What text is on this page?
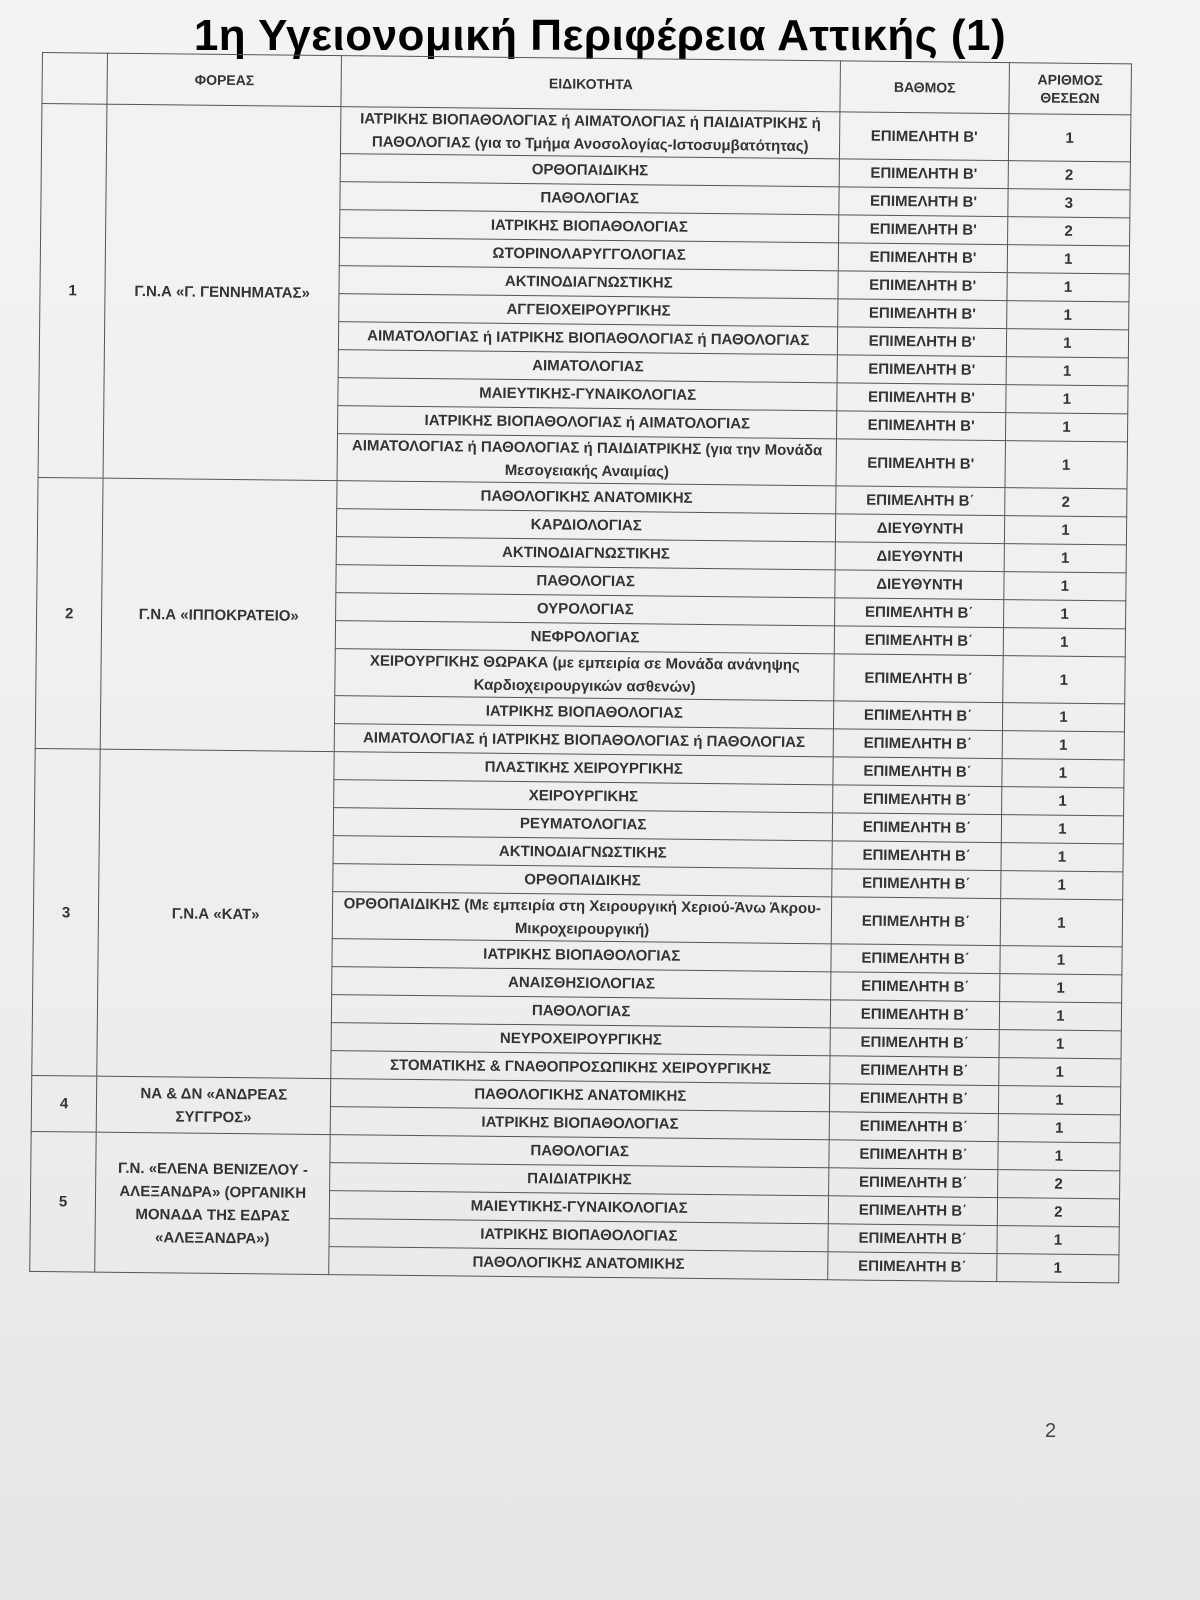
1η Υγειονομική Περιφέρεια Αττικής (1)
	ΦΟΡΕΑΣ	ΕΙΔΙΚΟΤΗΤΑ	ΒΑΘΜΟΣ	ΑΡΙΘΜΟΣ ΘΕΣΕΩΝ
1	Γ.Ν.Α «Γ. ΓΕΝΝΗΜΑΤΑΣ»	ΙΑΤΡΙΚΗΣ ΒΙΟΠΑΘΟΛΟΓΙΑΣ ή ΑΙΜΑΤΟΛΟΓΙΑΣ ή ΠΑΙΔΙΑΤΡΙΚΗΣ ή ΠΑΘΟΛΟΓΙΑΣ (για το Τμήμα Ανοσολογίας-Ιστοσυμβατότητας)	ΕΠΙΜΕΛΗΤΗ Β'	1
		ΟΡΘΟΠΑΙΔΙΚΗΣ	ΕΠΙΜΕΛΗΤΗ Β'	2
		ΠΑΘΟΛΟΓΙΑΣ	ΕΠΙΜΕΛΗΤΗ Β'	3
		ΙΑΤΡΙΚΗΣ ΒΙΟΠΑΘΟΛΟΓΙΑΣ	ΕΠΙΜΕΛΗΤΗ Β'	2
		ΩΤΟΡΙΝΟΛΑΡΥΓΓΟΛΟΓΙΑΣ	ΕΠΙΜΕΛΗΤΗ Β'	1
		ΑΚΤΙΝΟΔΙΑΓΝΩΣΤΙΚΗΣ	ΕΠΙΜΕΛΗΤΗ Β'	1
		ΑΓΓΕΙΟΧΕΙΡΟΥΡΓΙΚΗΣ	ΕΠΙΜΕΛΗΤΗ Β'	1
		ΑΙΜΑΤΟΛΟΓΙΑΣ ή ΙΑΤΡΙΚΗΣ ΒΙΟΠΑΘΟΛΟΓΙΑΣ ή ΠΑΘΟΛΟΓΙΑΣ	ΕΠΙΜΕΛΗΤΗ Β'	1
		ΑΙΜΑΤΟΛΟΓΙΑΣ	ΕΠΙΜΕΛΗΤΗ Β'	1
		ΜΑΙΕΥΤΙΚΗΣ-ΓΥΝΑΙΚΟΛΟΓΙΑΣ	ΕΠΙΜΕΛΗΤΗ Β'	1
		ΙΑΤΡΙΚΗΣ ΒΙΟΠΑΘΟΛΟΓΙΑΣ ή ΑΙΜΑΤΟΛΟΓΙΑΣ	ΕΠΙΜΕΛΗΤΗ Β'	1
		ΑΙΜΑΤΟΛΟΓΙΑΣ ή ΠΑΘΟΛΟΓΙΑΣ ή ΠΑΙΔΙΑΤΡΙΚΗΣ (για την Μονάδα Μεσογειακής Αναιμίας)	ΕΠΙΜΕΛΗΤΗ Β'	1
2	Γ.Ν.Α «ΙΠΠΟΚΡΑΤΕΙΟ»	ΠΑΘΟΛΟΓΙΚΗΣ ΑΝΑΤΟΜΙΚΗΣ	ΕΠΙΜΕΛΗΤΗ Β΄	2
		ΚΑΡΔΙΟΛΟΓΙΑΣ	ΔΙΕΥΘΥΝΤΗ	1
		ΑΚΤΙΝΟΔΙΑΓΝΩΣΤΙΚΗΣ	ΔΙΕΥΘΥΝΤΗ	1
		ΠΑΘΟΛΟΓΙΑΣ	ΔΙΕΥΘΥΝΤΗ	1
		ΟΥΡΟΛΟΓΙΑΣ	ΕΠΙΜΕΛΗΤΗ Β΄	1
		ΝΕΦΡΟΛΟΓΙΑΣ	ΕΠΙΜΕΛΗΤΗ Β΄	1
		ΧΕΙΡΟΥΡΓΙΚΗΣ ΘΩΡΑΚΑ (με εμπειρία σε Μονάδα ανάνηψης Καρδιοχειρουργικών ασθενών)	ΕΠΙΜΕΛΗΤΗ Β΄	1
		ΙΑΤΡΙΚΗΣ ΒΙΟΠΑΘΟΛΟΓΙΑΣ	ΕΠΙΜΕΛΗΤΗ Β΄	1
		ΑΙΜΑΤΟΛΟΓΙΑΣ ή ΙΑΤΡΙΚΗΣ ΒΙΟΠΑΘΟΛΟΓΙΑΣ ή ΠΑΘΟΛΟΓΙΑΣ	ΕΠΙΜΕΛΗΤΗ Β΄	1
3	Γ.Ν.Α «ΚΑΤ»	ΠΛΑΣΤΙΚΗΣ ΧΕΙΡΟΥΡΓΙΚΗΣ	ΕΠΙΜΕΛΗΤΗ Β΄	1
		ΧΕΙΡΟΥΡΓΙΚΗΣ	ΕΠΙΜΕΛΗΤΗ Β΄	1
		ΡΕΥΜΑΤΟΛΟΓΙΑΣ	ΕΠΙΜΕΛΗΤΗ Β΄	1
		ΑΚΤΙΝΟΔΙΑΓΝΩΣΤΙΚΗΣ	ΕΠΙΜΕΛΗΤΗ Β΄	1
		ΟΡΘΟΠΑΙΔΙΚΗΣ	ΕΠΙΜΕΛΗΤΗ Β΄	1
		ΟΡΘΟΠΑΙΔΙΚΗΣ (Με εμπειρία στη Χειρουργική Χεριού-Άνω Άκρου-Μικροχειρουργική)	ΕΠΙΜΕΛΗΤΗ Β΄	1
		ΙΑΤΡΙΚΗΣ ΒΙΟΠΑΘΟΛΟΓΙΑΣ	ΕΠΙΜΕΛΗΤΗ Β΄	1
		ΑΝΑΙΣΘΗΣΙΟΛΟΓΙΑΣ	ΕΠΙΜΕΛΗΤΗ Β΄	1
		ΠΑΘΟΛΟΓΙΑΣ	ΕΠΙΜΕΛΗΤΗ Β΄	1
		ΝΕΥΡΟΧΕΙΡΟΥΡΓΙΚΗΣ	ΕΠΙΜΕΛΗΤΗ Β΄	1
		ΣΤΟΜΑΤΙΚΗΣ & ΓΝΑΘΟΠΡΟΣΩΠΙΚΗΣ ΧΕΙΡΟΥΡΓΙΚΗΣ	ΕΠΙΜΕΛΗΤΗ Β΄	1
4	ΝΑ & ΔΝ «ΑΝΔΡΕΑΣ ΣΥΓΓΡΟΣ»	ΠΑΘΟΛΟΓΙΚΗΣ ΑΝΑΤΟΜΙΚΗΣ	ΕΠΙΜΕΛΗΤΗ Β΄	1
		ΙΑΤΡΙΚΗΣ ΒΙΟΠΑΘΟΛΟΓΙΑΣ	ΕΠΙΜΕΛΗΤΗ Β΄	1
5	Γ.Ν. «ΕΛΕΝΑ ΒΕΝΙΖΕΛΟΥ - ΑΛΕΞΑΝΔΡΑ» (ΟΡΓΑΝΙΚΗ ΜΟΝΑΔΑ ΤΗΣ ΕΔΡΑΣ «ΑΛΕΞΑΝΔΡΑ»)	ΠΑΘΟΛΟΓΙΑΣ	ΕΠΙΜΕΛΗΤΗ Β΄	1
		ΠΑΙΔΙΑΤΡΙΚΗΣ	ΕΠΙΜΕΛΗΤΗ Β΄	2
		ΜΑΙΕΥΤΙΚΗΣ-ΓΥΝΑΙΚΟΛΟΓΙΑΣ	ΕΠΙΜΕΛΗΤΗ Β΄	2
		ΙΑΤΡΙΚΗΣ ΒΙΟΠΑΘΟΛΟΓΙΑΣ	ΕΠΙΜΕΛΗΤΗ Β΄	1
		ΠΑΘΟΛΟΓΙΚΗΣ ΑΝΑΤΟΜΙΚΗΣ	ΕΠΙΜΕΛΗΤΗ Β΄	1
2
